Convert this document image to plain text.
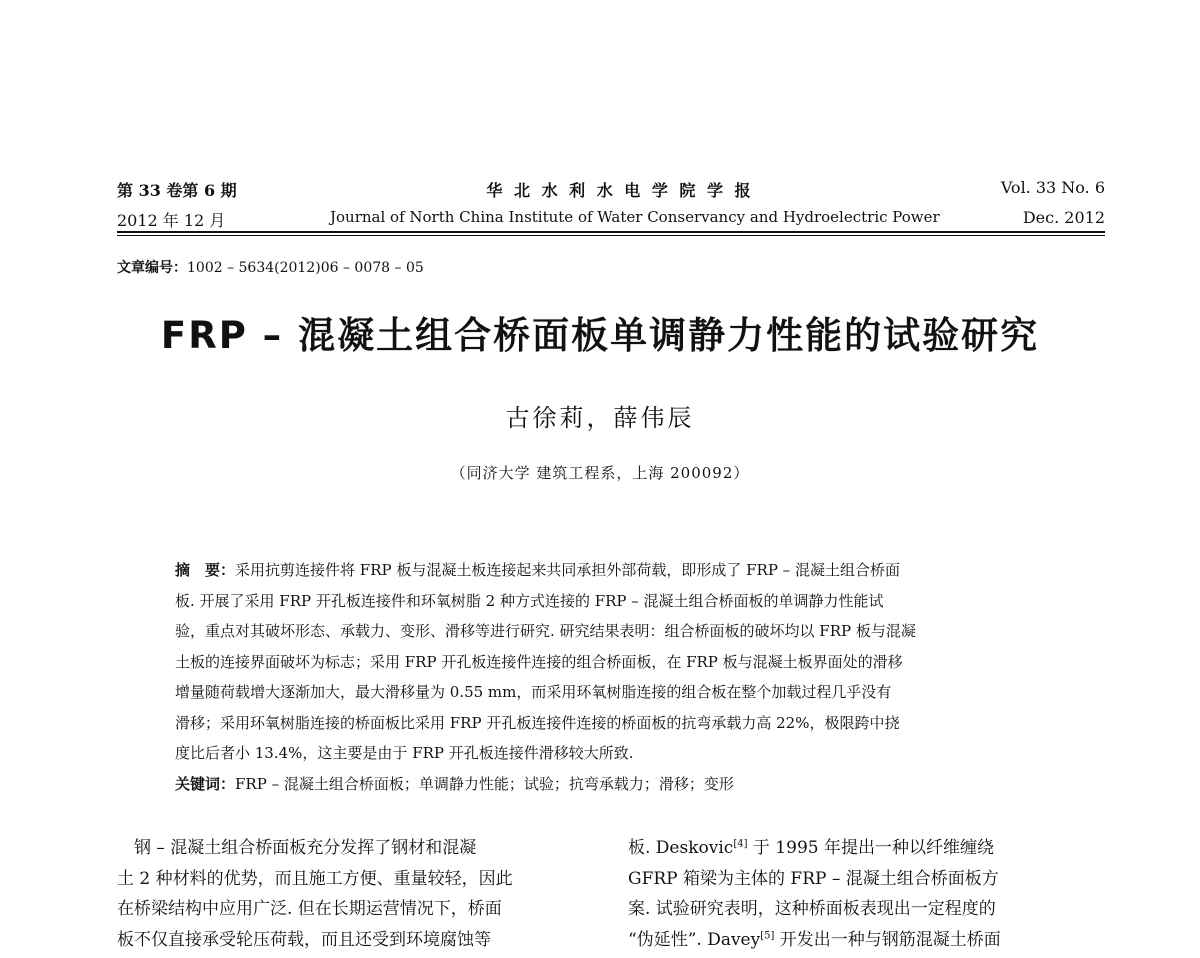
第 33 卷第 6 期
2012 年 12 月
华 北 水 利 水 电 学 院 学 报
Journal of North China Institute of Water Conservancy and Hydroelectric Power
Vol. 33 No. 6
Dec. 2012
文章编号：1002 – 5634(2012)06 – 0078 – 05
FRP – 混凝土组合桥面板单调静力性能的试验研究
古徐莉，薛伟辰
（同济大学 建筑工程系，上海 200092）

摘　要：采用抗剪连接件将 FRP 板与混凝土板连接起来共同承担外部荷载，即形成了 FRP – 混凝土组合桥面
板. 开展了采用 FRP 开孔板连接件和环氧树脂 2 种方式连接的 FRP – 混凝土组合桥面板的单调静力性能试
验，重点对其破坏形态、承载力、变形、滑移等进行研究. 研究结果表明：组合桥面板的破坏均以 FRP 板与混凝
土板的连接界面破坏为标志；采用 FRP 开孔板连接件连接的组合桥面板，在 FRP 板与混凝土板界面处的滑移
增量随荷载增大逐渐加大，最大滑移量为 0.55 mm，而采用环氧树脂连接的组合板在整个加载过程几乎没有
滑移；采用环氧树脂连接的桥面板比采用 FRP 开孔板连接件连接的桥面板的抗弯承载力高 22%，极限跨中挠
度比后者小 13.4%，这主要是由于 FRP 开孔板连接件滑移较大所致.

关键词：FRP – 混凝土组合桥面板；单调静力性能；试验；抗弯承载力；滑移；变形
　钢 – 混凝土组合桥面板充分发挥了钢材和混凝
土 2 种材料的优势，而且施工方便、重量较轻，因此
在桥梁结构中应用广泛. 但在长期运营情况下，桥面
板不仅直接承受轮压荷载，而且还受到环境腐蚀等
板. Deskovic[4] 于 1995 年提出一种以纤维缠绕
GFRP 箱梁为主体的 FRP – 混凝土组合桥面板方
案. 试验研究表明，这种桥面板表现出一定程度的
“伪延性”. Davey[5] 开发出一种与钢筋混凝土桥面
